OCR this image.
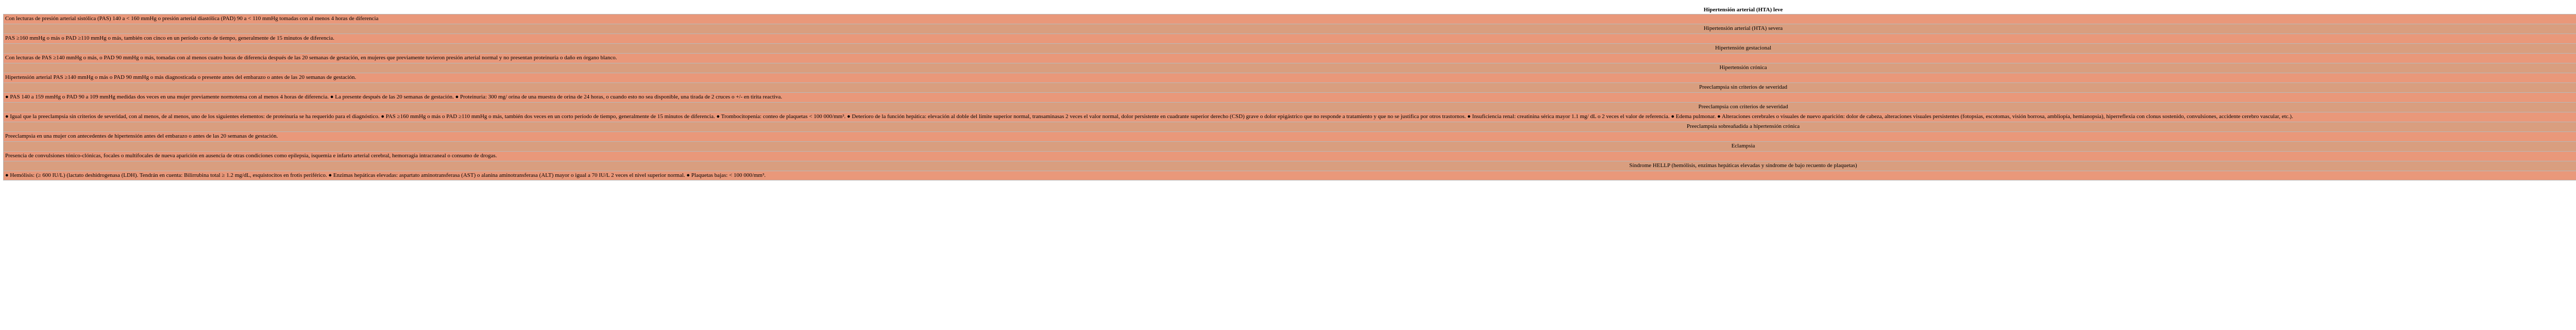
Hipertensión arterial (HTA) leve
Con lecturas de presión arterial sistólica (PAS) 140 a < 160 mmHg o presión arterial diastólica (PAD) 90 a < 110 mmHg tomadas con al menos 4 horas de diferencia
Hipertensión arterial (HTA) severa
PAS ≥160 mmHg o más o PAD ≥110 mmHg o más, también con cinco en un período corto de tiempo, generalmente de 15 minutos de diferencia.
Hipertensión gestacional
Con lecturas de PAS ≥140 mmHg o más, o PAD 90 mmHg o más, tomadas con al menos cuatro horas de diferencia después de las 20 semanas de gestación, en mujeres que previamente tuvieron presión arterial normal y no presentan proteinuria o daño en órgano blanco.
Hipertensión crónica
Hipertensión arterial PAS ≥140 mmHg o más o PAD 90 mmHg o más diagnosticada o presente antes del embarazo o antes de las 20 semanas de gestación.
Preeclampsia sin criterios de severidad
● PAS 140 a 159 mmHg o PAD 90 a 109 mmHg medidas dos veces en una mujer previamente normotensa con al menos 4 horas de diferencia. ● La presente después de las 20 semanas de gestación. ● Proteinuria: 300 mg/ orina de una muestra de orina de 24 horas, o cuando esto no sea disponible, una tirada de 2 cruces o +/- en tirita reactiva.
Preeclampsia con criterios de severidad
● Igual que la preeclampsia sin criterios de severidad, con al menos, de al menos, uno de los siguientes elementos: de proteinuria se ha requerido para el diagnóstico. ● PAS ≥160 mmHg o más o PAD ≥110 mmHg o más, también dos veces en un corto período de tiempo, generalmente de 15 minutos de diferencia. ● Trombocitopenia: conteo de plaquetas < 100 000/mm³. ● Deterioro de la función hepática: elevación al doble del límite superior normal, transaminasas 2 veces el valor normal, dolor persistente en cuadrante superior derecho (CSD) grave o dolor epigástrico que no responde a tratamiento y que no se justifica por otros trastornos. ● Insuficiencia renal: creatinina sérica mayor 1.1 mg/ dL o 2 veces el valor de referencia. ● Edema pulmonar. ● Alteraciones cerebrales o visuales de nuevo aparición: dolor de cabeza, alteraciones visuales persistentes (fotopsias, escotomas, visión borrosa, ambliopía, hemianopsia), hiperreflexia con clonus sostenido, convulsiones, accidente cerebro vascular, etc.).
Preeclampsia sobreañadida a hipertensión crónica
Preeclampsia en una mujer con antecedentes de hipertensión antes del embarazo o antes de las 20 semanas de gestación.
Eclampsia
Presencia de convulsiones tónico-clónicas, focales o multifocales de nueva aparición en ausencia de otras condiciones como epilepsia, isquemia e infarto arterial cerebral, hemorragia intracraneal o consumo de drogas.
Síndrome HELLP (hemólisis, enzimas hepáticas elevadas y síndrome de bajo recuento de plaquetas)
● Hemólisis: (≥ 600 IU/L) (lactato deshidrogenasa (LDH). Tendrán en cuenta: Bilirrubina total ≥ 1.2 mg/dL, esquistocitos en frotis periférico. ● Enzimas hepáticas elevadas: aspartato aminotransferasa (AST) o alanina aminotransferasa (ALT) mayor o igual a 70 IU/L 2 veces el nivel superior normal. ● Plaquetas bajas: < 100 000/mm³.
